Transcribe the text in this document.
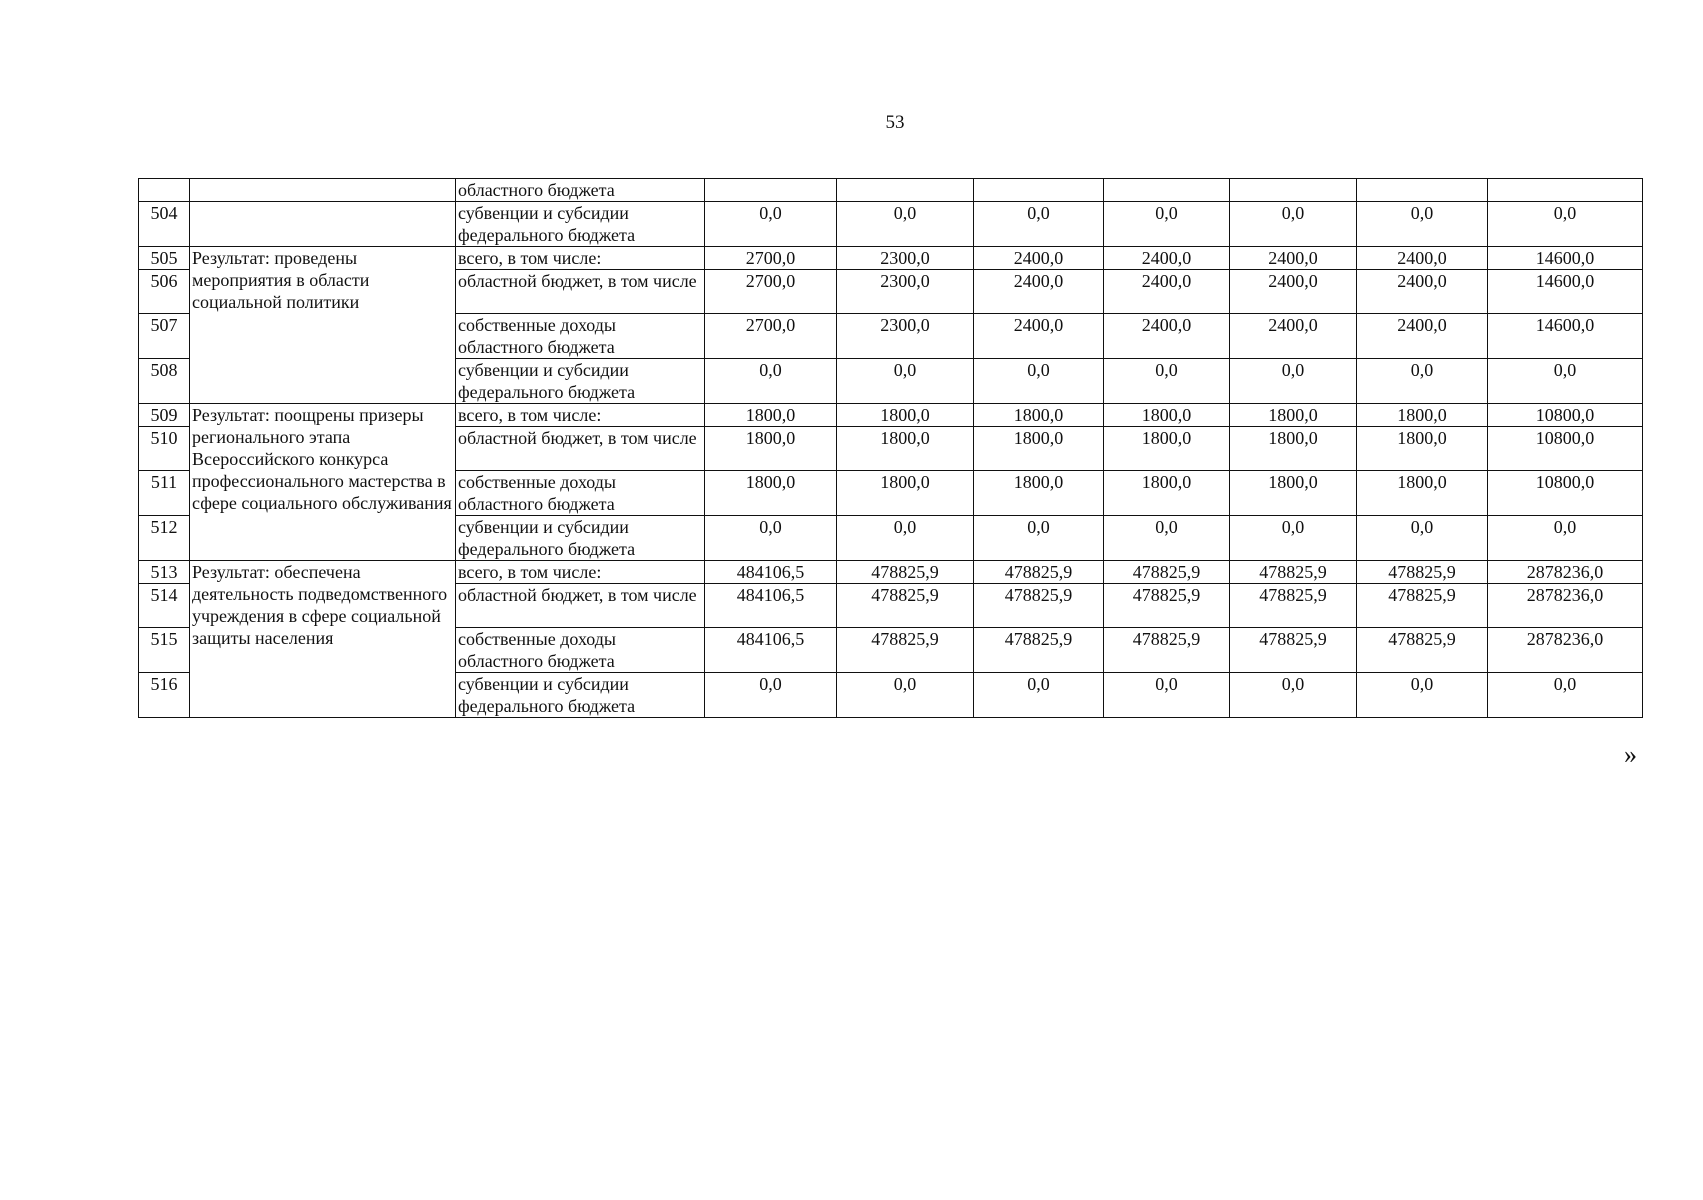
53
		областного бюджета							
504		субвенции и субсидии федерального бюджета	0,0	0,0	0,0	0,0	0,0	0,0	0,0
505	Результат: проведены мероприятия в области социальной политики	всего, в том числе:	2700,0	2300,0	2400,0	2400,0	2400,0	2400,0	14600,0
506		областной бюджет, в том числе	2700,0	2300,0	2400,0	2400,0	2400,0	2400,0	14600,0
507		собственные доходы областного бюджета	2700,0	2300,0	2400,0	2400,0	2400,0	2400,0	14600,0
508		субвенции и субсидии федерального бюджета	0,0	0,0	0,0	0,0	0,0	0,0	0,0
509	Результат: поощрены призеры регионального этапа Всероссийского конкурса профессионального мастерства в сфере социального обслуживания	всего, в том числе:	1800,0	1800,0	1800,0	1800,0	1800,0	1800,0	10800,0
510		областной бюджет, в том числе	1800,0	1800,0	1800,0	1800,0	1800,0	1800,0	10800,0
511		собственные доходы областного бюджета	1800,0	1800,0	1800,0	1800,0	1800,0	1800,0	10800,0
512		субвенции и субсидии федерального бюджета	0,0	0,0	0,0	0,0	0,0	0,0	0,0
513	Результат: обеспечена деятельность подведомственного учреждения в сфере социальной защиты населения	всего, в том числе:	484106,5	478825,9	478825,9	478825,9	478825,9	478825,9	2878236,0
514		областной бюджет, в том числе	484106,5	478825,9	478825,9	478825,9	478825,9	478825,9	2878236,0
515		собственные доходы областного бюджета	484106,5	478825,9	478825,9	478825,9	478825,9	478825,9	2878236,0
516		субвенции и субсидии федерального бюджета	0,0	0,0	0,0	0,0	0,0	0,0	0,0
»
